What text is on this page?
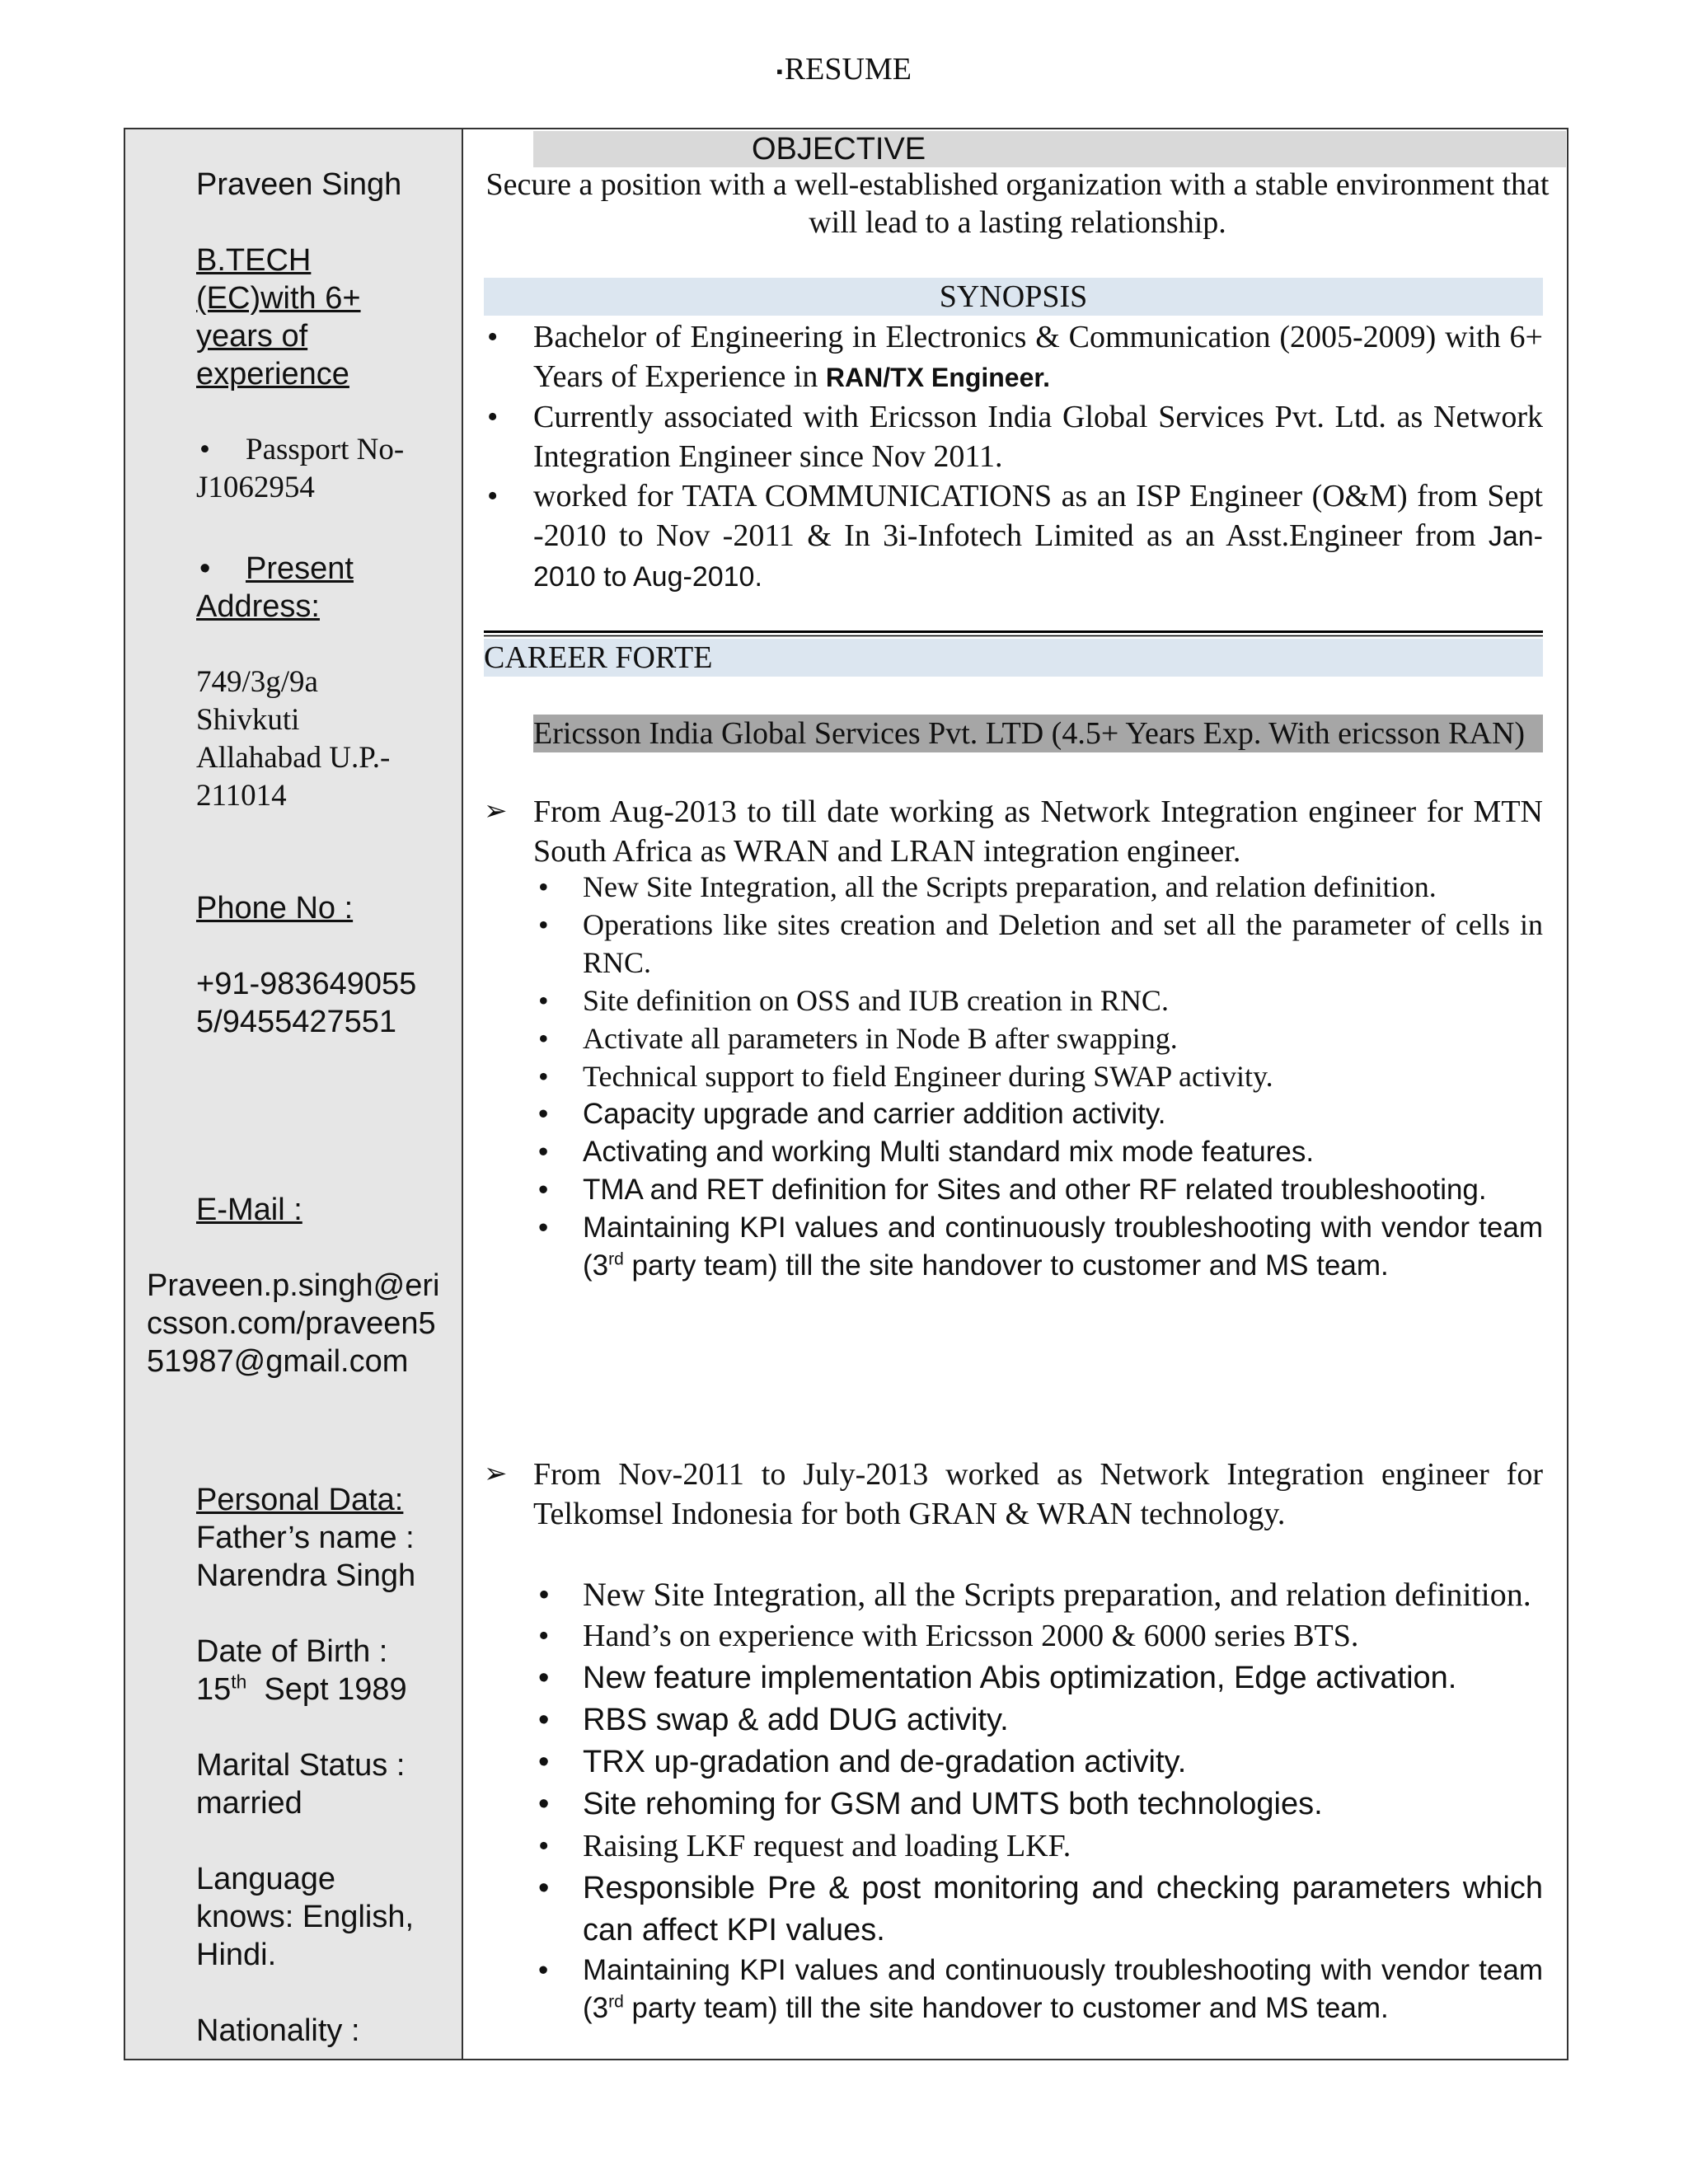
▪RESUME
Praveen Singh
B.TECH (EC)with 6+ years of experience
• Passport No-J1062954
• Present Address:
749/3g/9a
Shivkuti
Allahabad U.P.-
211014
Phone No :
+91-9836490555/9455427551
E-Mail :
Praveen.p.singh@ericsson.com/praveen551987@gmail.com
Personal Data:
Father’s name :
Narendra Singh
Date of Birth :
15th Sept 1989
Marital Status :
married
Language knows: English, Hindi.
Nationality :
OBJECTIVE
Secure a position with a well-established organization with a stable environment that will lead to a lasting relationship.
SYNOPSIS
• Bachelor of Engineering in Electronics & Communication (2005-2009) with 6+ Years of Experience in RAN/TX Engineer.
• Currently associated with Ericsson India Global Services Pvt. Ltd. as Network Integration Engineer since Nov 2011.
• worked for TATA COMMUNICATIONS as an ISP Engineer (O&M) from Sept -2010 to Nov -2011 & In 3i-Infotech Limited as an Asst.Engineer from Jan-2010 to Aug-2010.
CAREER FORTE
Ericsson India Global Services Pvt. LTD (4.5+ Years Exp. With ericsson RAN)
➢ From Aug-2013 to till date working as Network Integration engineer for MTN South Africa as WRAN and LRAN integration engineer.
• New Site Integration, all the Scripts preparation, and relation definition.
• Operations like sites creation and Deletion and set all the parameter of cells in RNC.
• Site definition on OSS and IUB creation in RNC.
• Activate all parameters in Node B after swapping.
• Technical support to field Engineer during SWAP activity.
• Capacity upgrade and carrier addition activity.
• Activating and working Multi standard mix mode features.
• TMA and RET definition for Sites and other RF related troubleshooting.
• Maintaining KPI values and continuously troubleshooting with vendor team (3rd party team) till the site handover to customer and MS team.
➢ From Nov-2011 to July-2013 worked as Network Integration engineer for Telkomsel Indonesia for both GRAN & WRAN technology.
• New Site Integration, all the Scripts preparation, and relation definition.
• Hand’s on experience with Ericsson 2000 & 6000 series BTS.
• New feature implementation Abis optimization, Edge activation.
• RBS swap & add DUG activity.
• TRX up-gradation and de-gradation activity.
• Site rehoming for GSM and UMTS both technologies.
• Raising LKF request and loading LKF.
• Responsible Pre & post monitoring and checking parameters which can affect KPI values.
• Maintaining KPI values and continuously troubleshooting with vendor team (3rd party team) till the site handover to customer and MS team.
